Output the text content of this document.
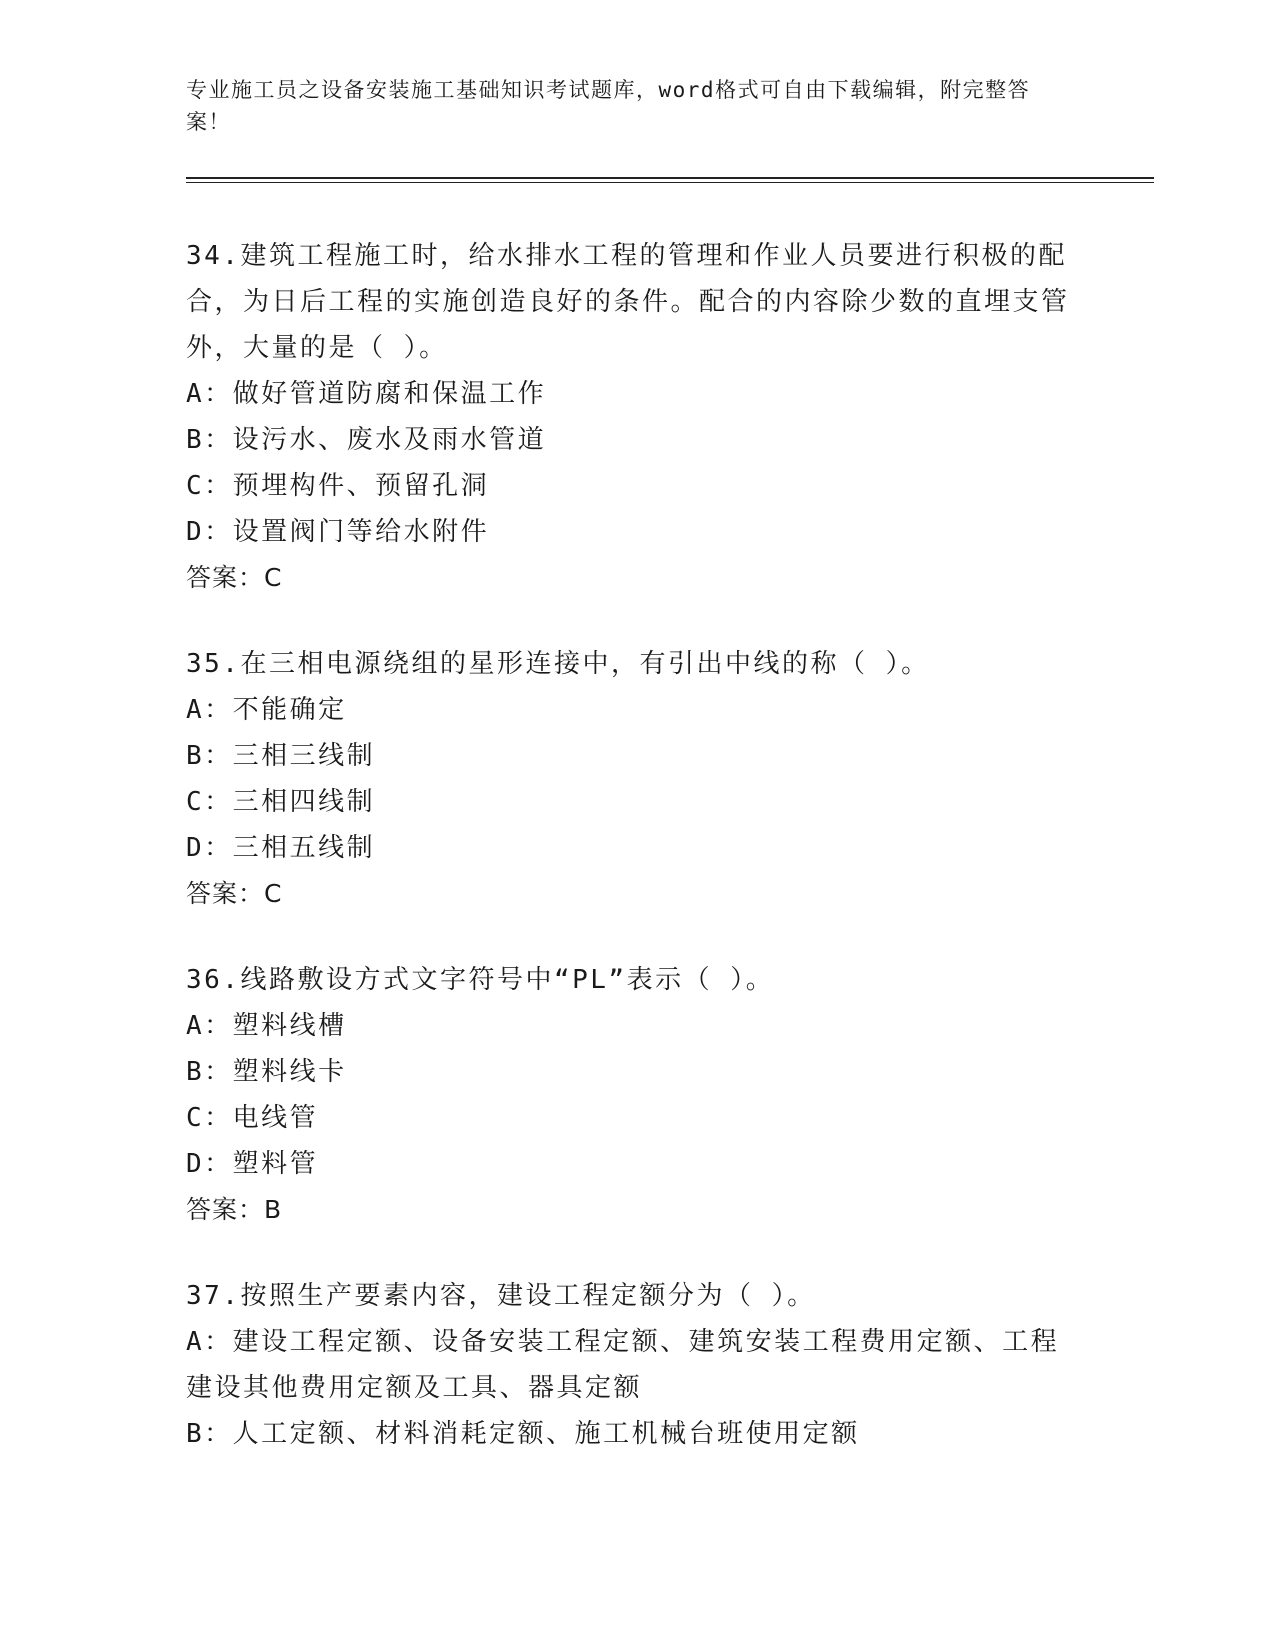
专业施工员之设备安装施工基础知识考试题库，word格式可自由下载编辑，附完整答案！

34.建筑工程施工时，给水排水工程的管理和作业人员要进行积极的配合，为日后工程的实施创造良好的条件。配合的内容除少数的直埋支管外，大量的是（ ）。

A：做好管道防腐和保温工作

B：设污水、废水及雨水管道

C：预埋构件、预留孔洞

D：设置阀门等给水附件

答案：C

35.在三相电源绕组的星形连接中，有引出中线的称（ ）。

A：不能确定

B：三相三线制

C：三相四线制

D：三相五线制

答案：C

36.线路敷设方式文字符号中“PL”表示（ ）。

A：塑料线槽

B：塑料线卡

C：电线管

D：塑料管

答案：B

37.按照生产要素内容，建设工程定额分为（ ）。

A：建设工程定额、设备安装工程定额、建筑安装工程费用定额、工程建设其他费用定额及工具、器具定额

B：人工定额、材料消耗定额、施工机械台班使用定额
